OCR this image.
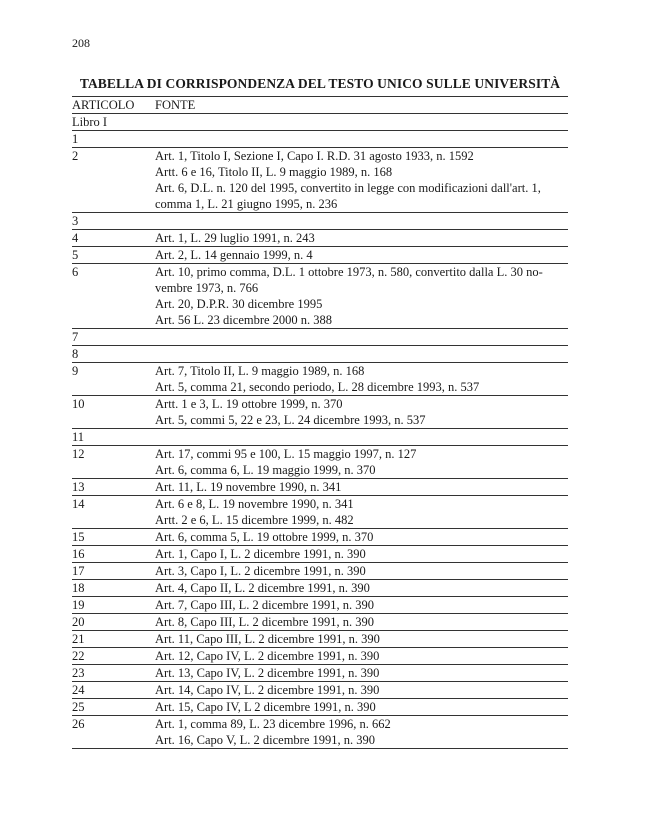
208
TABELLA DI CORRISPONDENZA DEL TESTO UNICO SULLE UNIVERSITÀ
ARTICOLO	FONTE
Libro I
1
2	Art. 1, Titolo I, Sezione I, Capo I. R.D. 31 agosto 1933, n. 1592
Artt. 6 e 16, Titolo II, L. 9 maggio 1989, n. 168
Art. 6, D.L. n. 120 del 1995, convertito in legge con modificazioni dall'art. 1,
comma 1, L. 21 giugno 1995, n. 236
3
4	Art. 1, L. 29 luglio 1991, n. 243
5	Art. 2, L. 14 gennaio 1999, n. 4
6	Art. 10, primo comma, D.L. 1 ottobre 1973, n. 580, convertito dalla L. 30 no-
vembre 1973, n. 766
Art. 20, D.P.R. 30 dicembre 1995
Art. 56 L. 23 dicembre 2000 n. 388
7
8
9	Art. 7, Titolo II, L. 9 maggio 1989, n. 168
Art. 5, comma 21, secondo periodo, L. 28 dicembre 1993, n. 537
10	Artt. 1 e 3, L. 19 ottobre 1999, n. 370
Art. 5, commi 5, 22 e 23, L. 24 dicembre 1993, n. 537
11
12	Art. 17, commi 95 e 100, L. 15 maggio 1997, n. 127
Art. 6, comma 6, L. 19 maggio 1999, n. 370
13	Art. 11, L. 19 novembre 1990, n. 341
14	Art. 6 e 8, L. 19 novembre 1990, n. 341
Artt. 2 e 6, L. 15 dicembre 1999, n. 482
15	Art. 6, comma 5, L. 19 ottobre 1999, n. 370
16	Art. 1, Capo I, L. 2 dicembre 1991, n. 390
17	Art. 3, Capo I, L. 2 dicembre 1991, n. 390
18	Art. 4, Capo II, L. 2 dicembre 1991, n. 390
19	Art. 7, Capo III, L. 2 dicembre 1991, n. 390
20	Art. 8, Capo III, L. 2 dicembre 1991, n. 390
21	Art. 11, Capo III, L. 2 dicembre 1991, n. 390
22	Art. 12, Capo IV, L. 2 dicembre 1991, n. 390
23	Art. 13, Capo IV, L. 2 dicembre 1991, n. 390
24	Art. 14, Capo IV, L. 2 dicembre 1991, n. 390
25	Art. 15, Capo IV, L 2 dicembre 1991, n. 390
26	Art. 1, comma 89, L. 23 dicembre 1996, n. 662
Art. 16, Capo V, L. 2 dicembre 1991, n. 390
